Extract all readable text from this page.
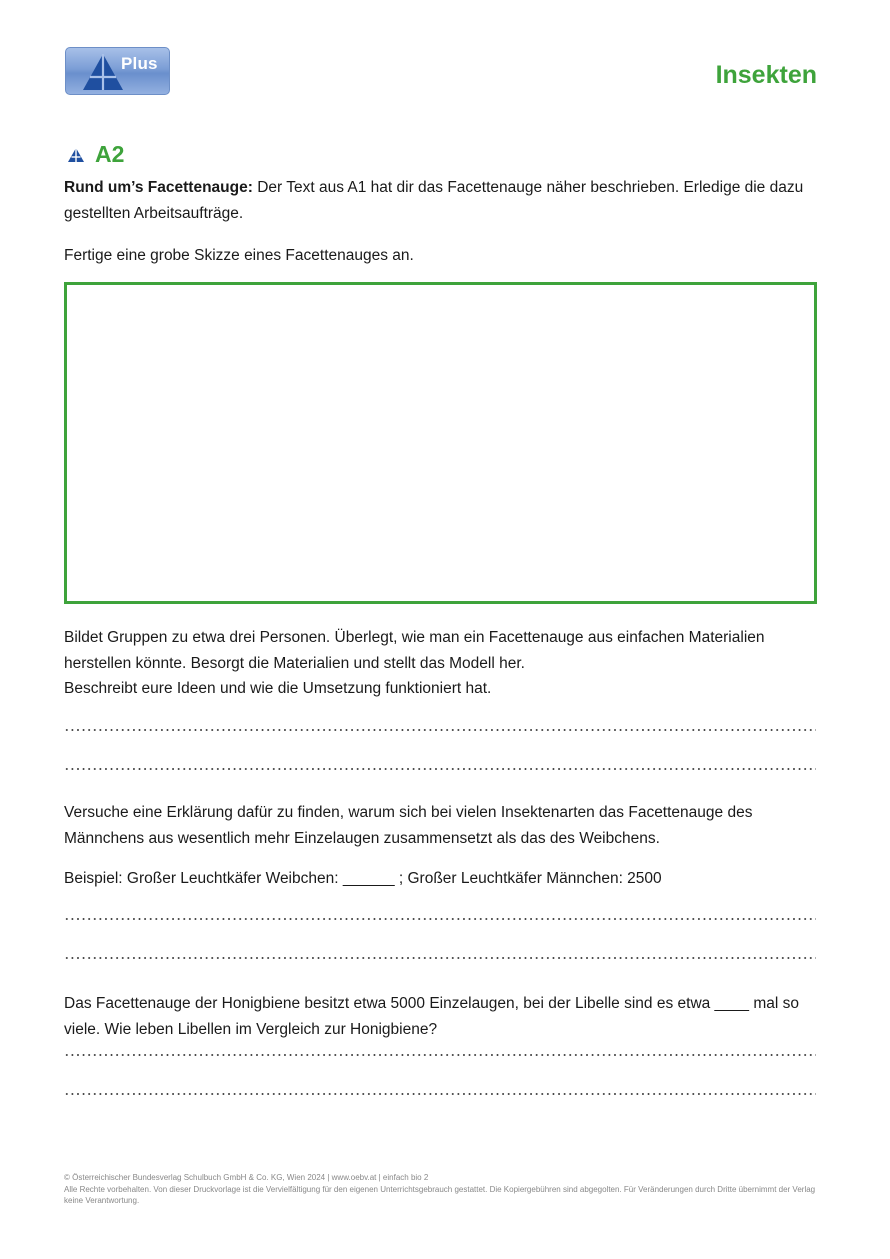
Plus	Insekten
A2

Rund um’s Facettenauge: Der Text aus A1 hat dir das Facettenauge näher beschrieben. Erledige die dazu gestellten Arbeitsaufträge.

Fertige eine grobe Skizze eines Facettenauges an.

Bildet Gruppen zu etwa drei Personen. Überlegt, wie man ein Facettenauge aus einfachen Materialien herstellen könnte. Besorgt die Materialien und stellt das Modell her.

Beschreibt eure Ideen und wie die Umsetzung funktioniert hat.

Versuche eine Erklärung dafür zu finden, warum sich bei vielen Insektenarten das Facettenauge des Männchens aus wesentlich mehr Einzelaugen zusammensetzt als das des Weibchens.

Beispiel: Großer Leuchtkäfer Weibchen: ______ ; Großer Leuchtkäfer Männchen: 2500

Das Facettenauge der Honigbiene besitzt etwa 5000 Einzelaugen, bei der Libelle sind es etwa ____ mal so viele. Wie leben Libellen im Vergleich zur Honigbiene?

© Österreichischer Bundesverlag Schulbuch GmbH & Co. KG, Wien 2024 | www.oebv.at | einfach bio 2
Alle Rechte vorbehalten. Von dieser Druckvorlage ist die Vervielfältigung für den eigenen Unterrichtsgebrauch gestattet. Die Kopiergebühren sind abgegolten. Für Veränderungen durch Dritte übernimmt der Verlag keine Verantwortung.
